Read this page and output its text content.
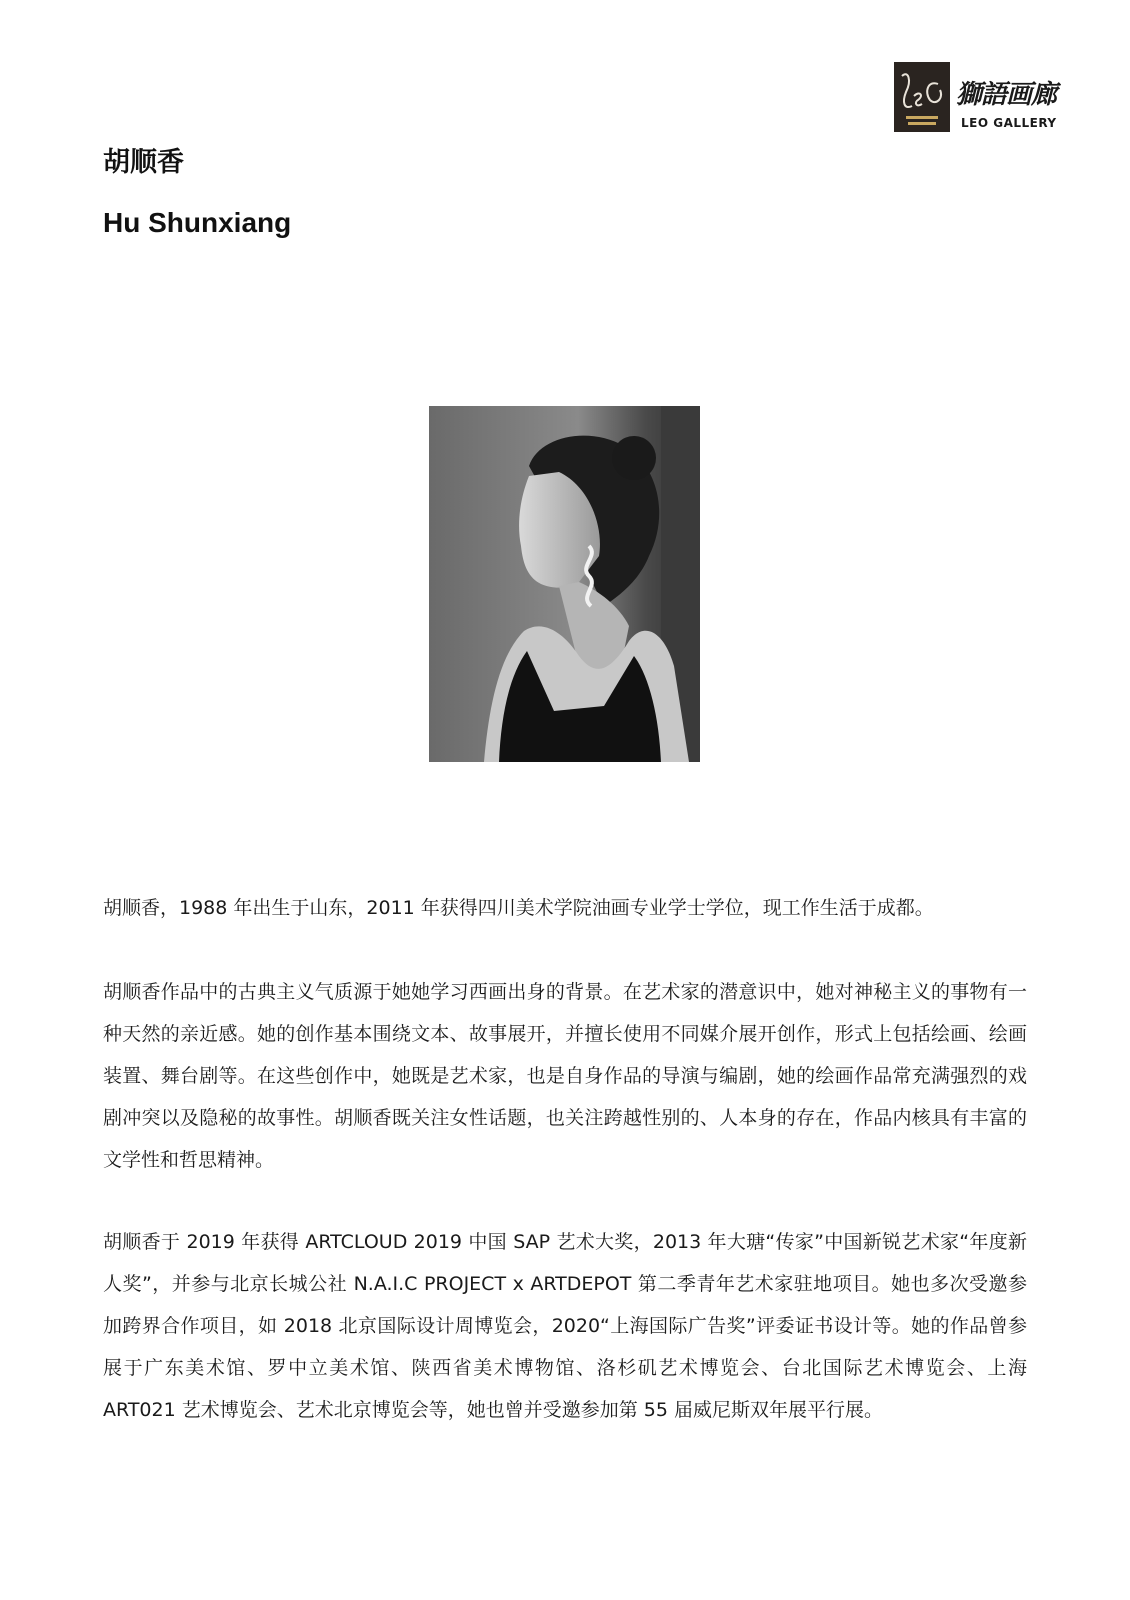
獅語画廊
LEO GALLERY
胡顺香
Hu Shunxiang

胡顺香，1988 年出生于山东，2011 年获得四川美术学院油画专业学士学位，现工作生活于成都。

胡顺香作品中的古典主义气质源于她她学习西画出身的背景。在艺术家的潜意识中，她对神秘主义的事物有一种天然的亲近感。她的创作基本围绕文本、故事展开，并擅长使用不同媒介展开创作，形式上包括绘画、绘画装置、舞台剧等。在这些创作中，她既是艺术家，也是自身作品的导演与编剧，她的绘画作品常充满强烈的戏剧冲突以及隐秘的故事性。胡顺香既关注女性话题，也关注跨越性别的、人本身的存在，作品内核具有丰富的文学性和哲思精神。

胡顺香于 2019 年获得 ARTCLOUD 2019 中国 SAP 艺术大奖，2013 年大瑭“传家”中国新锐艺术家“年度新人奖”，并参与北京长城公社 N.A.I.C PROJECT x ARTDEPOT 第二季青年艺术家驻地项目。她也多次受邀参加跨界合作项目，如 2018 北京国际设计周博览会，2020“上海国际广告奖”评委证书设计等。她的作品曾参展于广东美术馆、罗中立美术馆、陕西省美术博物馆、洛杉矶艺术博览会、台北国际艺术博览会、上海 ART021 艺术博览会、艺术北京博览会等，她也曾并受邀参加第 55 届威尼斯双年展平行展。
